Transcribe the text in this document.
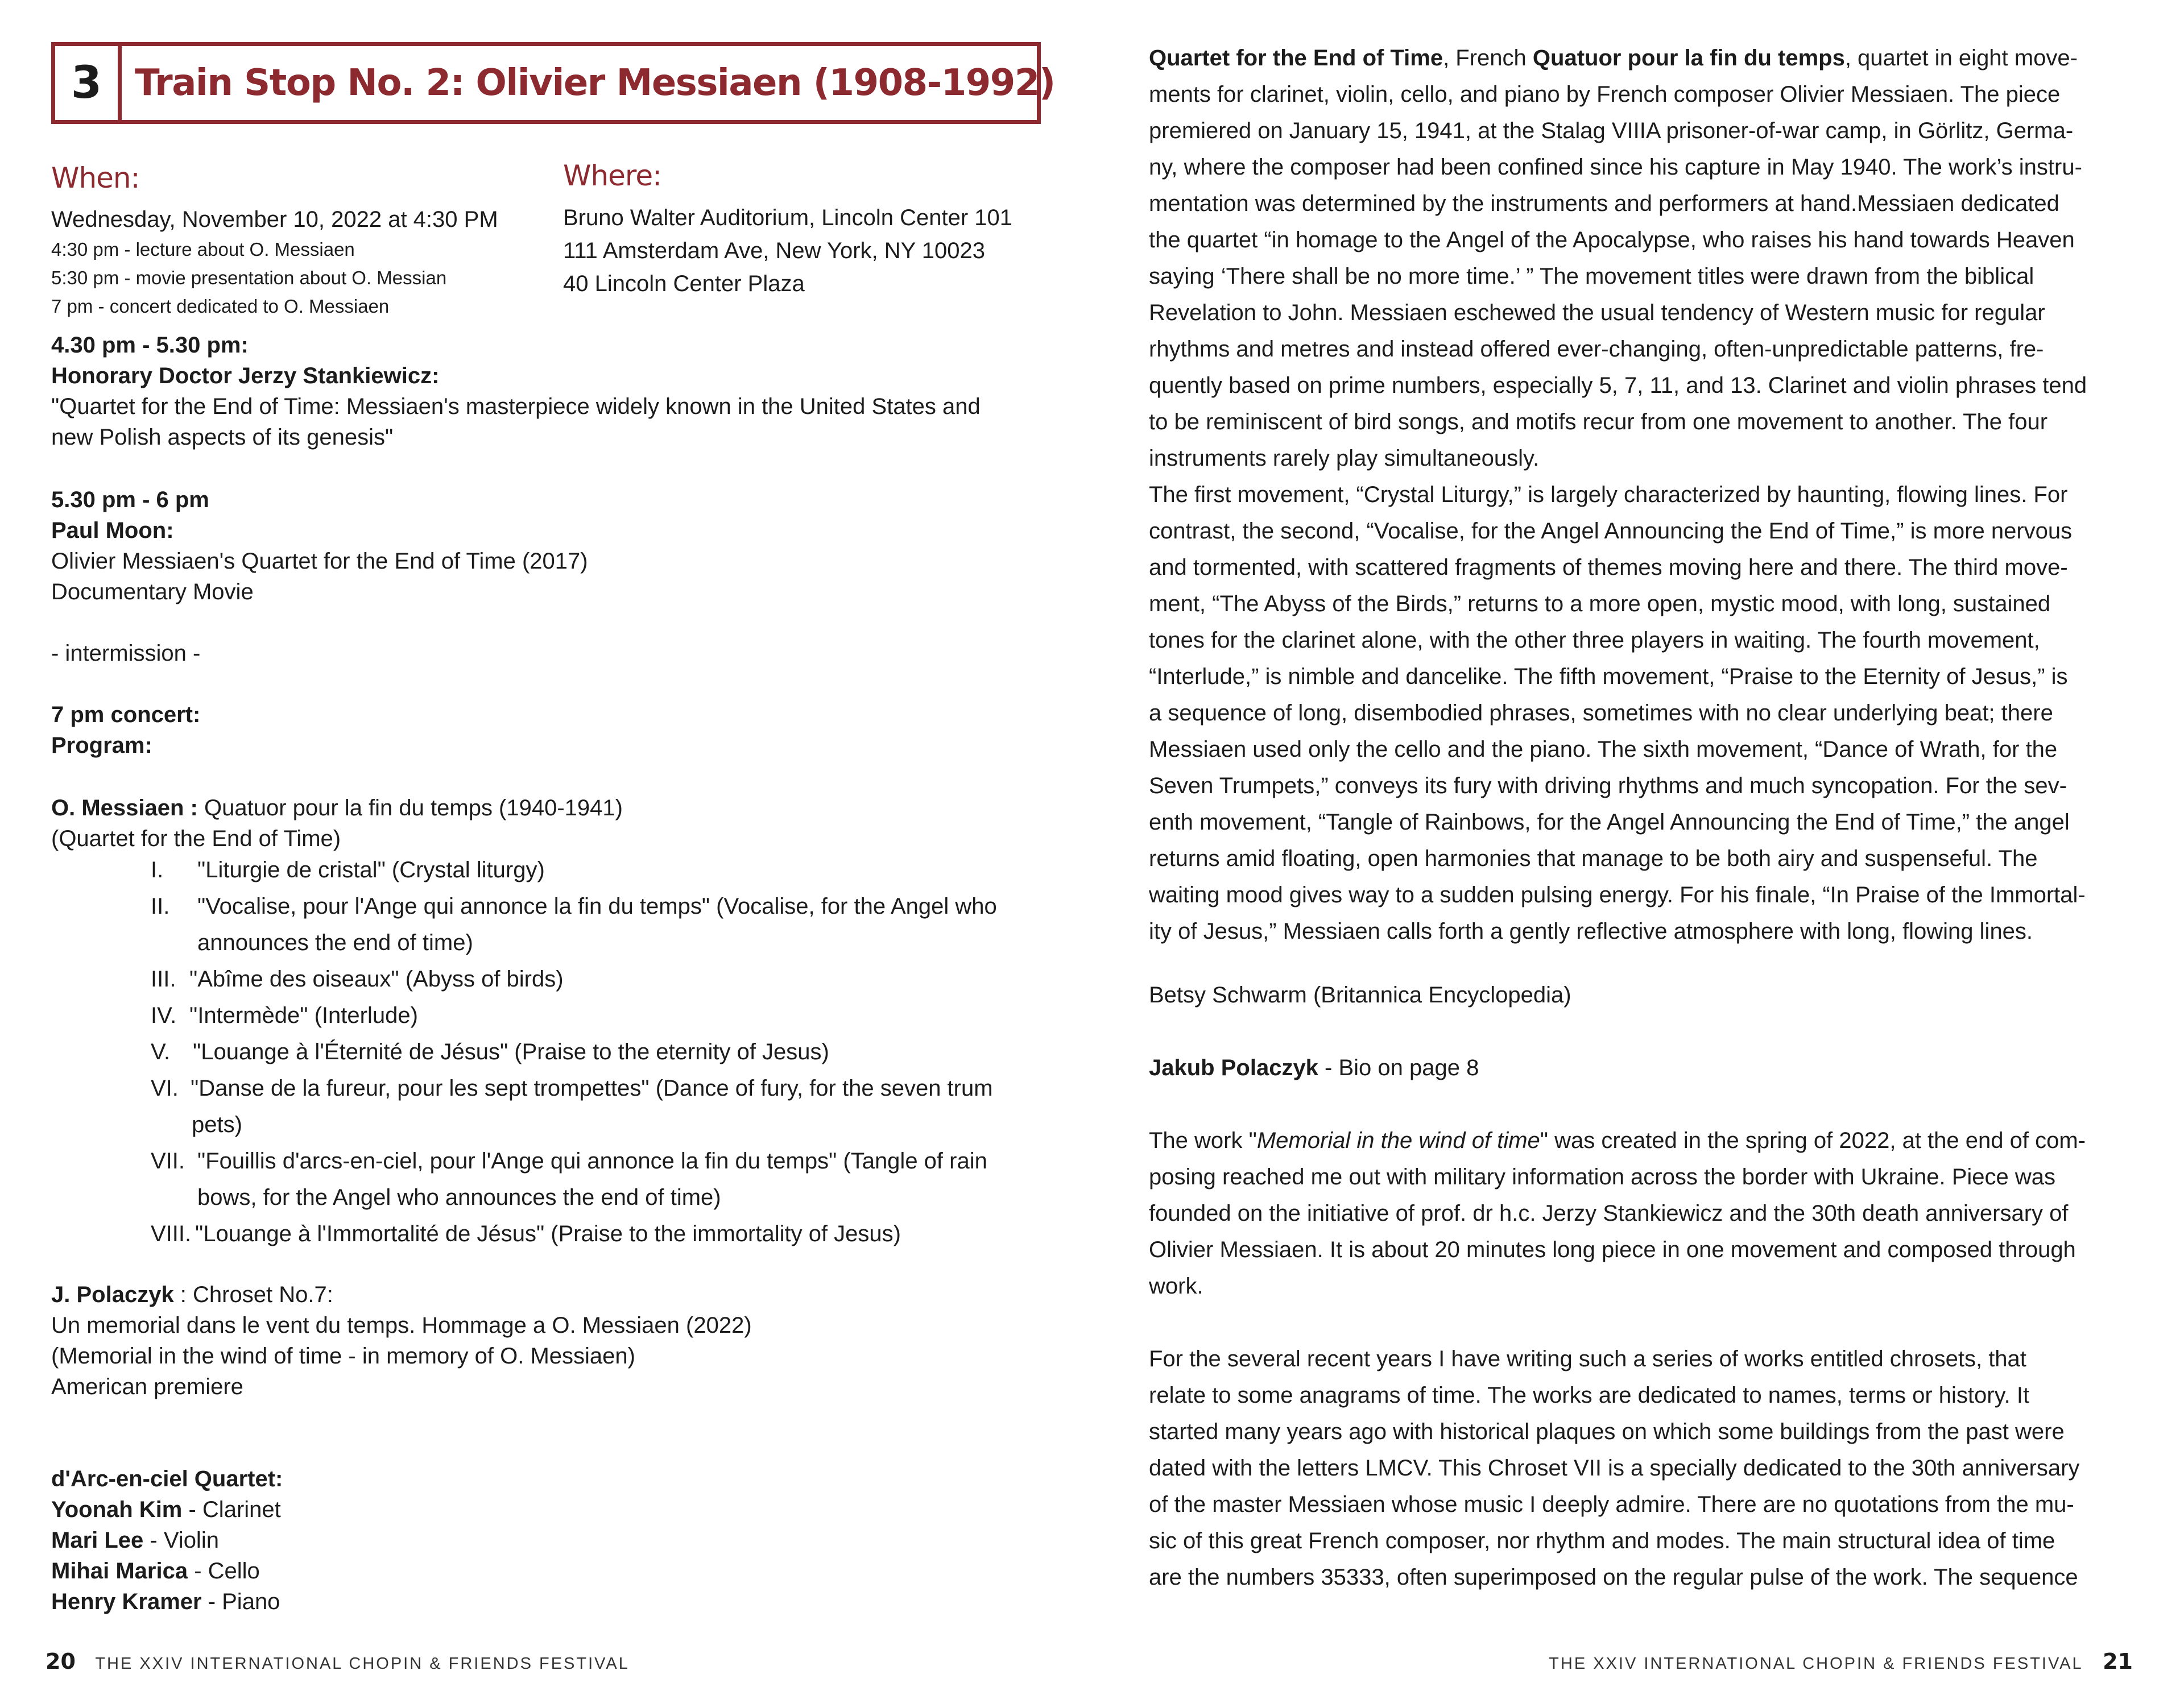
3 Train Stop No. 2: Olivier Messiaen (1908-1992)
When:
Wednesday, November 10, 2022 at 4:30 PM
4:30 pm - lecture about O. Messiaen
5:30 pm - movie presentation about O. Messian
7 pm - concert dedicated to O. Messiaen
Where:
Bruno Walter Auditorium, Lincoln Center 101
111 Amsterdam Ave, New York, NY 10023
40 Lincoln Center Plaza
4.30 pm - 5.30 pm:
Honorary Doctor Jerzy Stankiewicz:
"Quartet for the End of Time: Messiaen's masterpiece widely known in the United States and
new Polish aspects of its genesis"
5.30 pm - 6 pm
Paul Moon:
Olivier Messiaen's Quartet for the End of Time (2017)
Documentary Movie
- intermission -
7 pm concert:
Program:
O. Messiaen : Quatuor pour la fin du temps (1940-1941)
(Quartet for the End of Time)
I. "Liturgie de cristal" (Crystal liturgy)
II. "Vocalise, pour l'Ange qui annonce la fin du temps" (Vocalise, for the Angel who
announces the end of time)
III. "Abîme des oiseaux" (Abyss of birds)
IV. "Intermède" (Interlude)
V. "Louange à l'Éternité de Jésus" (Praise to the eternity of Jesus)
VI. "Danse de la fureur, pour les sept trompettes" (Dance of fury, for the seven trum
pets)
VII. "Fouillis d'arcs-en-ciel, pour l'Ange qui annonce la fin du temps" (Tangle of rain
bows, for the Angel who announces the end of time)
VIII. "Louange à l'Immortalité de Jésus" (Praise to the immortality of Jesus)
J. Polaczyk : Chroset No.7:
Un memorial dans le vent du temps. Hommage a O. Messiaen (2022)
(Memorial in the wind of time - in memory of O. Messiaen)
American premiere
d'Arc-en-ciel Quartet:
Yoonah Kim - Clarinet
Mari Lee - Violin
Mihai Marica - Cello
Henry Kramer - Piano
20 THE XXIV INTERNATIONAL CHOPIN & FRIENDS FESTIVAL
Quartet for the End of Time, French Quatuor pour la fin du temps, quartet in eight move-
ments for clarinet, violin, cello, and piano by French composer Olivier Messiaen. The piece
premiered on January 15, 1941, at the Stalag VIIIA prisoner-of-war camp, in Görlitz, Germa-
ny, where the composer had been confined since his capture in May 1940. The work’s instru-
mentation was determined by the instruments and performers at hand.Messiaen dedicated
the quartet “in homage to the Angel of the Apocalypse, who raises his hand towards Heaven
saying ‘There shall be no more time.’ ” The movement titles were drawn from the biblical
Revelation to John. Messiaen eschewed the usual tendency of Western music for regular
rhythms and metres and instead offered ever-changing, often-unpredictable patterns, fre-
quently based on prime numbers, especially 5, 7, 11, and 13. Clarinet and violin phrases tend
to be reminiscent of bird songs, and motifs recur from one movement to another. The four
instruments rarely play simultaneously.
The first movement, “Crystal Liturgy,” is largely characterized by haunting, flowing lines. For
contrast, the second, “Vocalise, for the Angel Announcing the End of Time,” is more nervous
and tormented, with scattered fragments of themes moving here and there. The third move-
ment, “The Abyss of the Birds,” returns to a more open, mystic mood, with long, sustained
tones for the clarinet alone, with the other three players in waiting. The fourth movement,
“Interlude,” is nimble and dancelike. The fifth movement, “Praise to the Eternity of Jesus,” is
a sequence of long, disembodied phrases, sometimes with no clear underlying beat; there
Messiaen used only the cello and the piano. The sixth movement, “Dance of Wrath, for the
Seven Trumpets,” conveys its fury with driving rhythms and much syncopation. For the sev-
enth movement, “Tangle of Rainbows, for the Angel Announcing the End of Time,” the angel
returns amid floating, open harmonies that manage to be both airy and suspenseful. The
waiting mood gives way to a sudden pulsing energy. For his finale, “In Praise of the Immortal-
ity of Jesus,” Messiaen calls forth a gently reflective atmosphere with long, flowing lines.
Betsy Schwarm (Britannica Encyclopedia)
Jakub Polaczyk - Bio on page 8
The work "Memorial in the wind of time" was created in the spring of 2022, at the end of com-
posing reached me out with military information across the border with Ukraine. Piece was
founded on the initiative of prof. dr h.c. Jerzy Stankiewicz and the 30th death anniversary of
Olivier Messiaen. It is about 20 minutes long piece in one movement and composed through
work.
For the several recent years I have writing such a series of works entitled chrosets, that
relate to some anagrams of time. The works are dedicated to names, terms or history. It
started many years ago with historical plaques on which some buildings from the past were
dated with the letters LMCV. This Chroset VII is a specially dedicated to the 30th anniversary
of the master Messiaen whose music I deeply admire. There are no quotations from the mu-
sic of this great French composer, nor rhythm and modes. The main structural idea of time
are the numbers 35333, often superimposed on the regular pulse of the work. The sequence
THE XXIV INTERNATIONAL CHOPIN & FRIENDS FESTIVAL 21
